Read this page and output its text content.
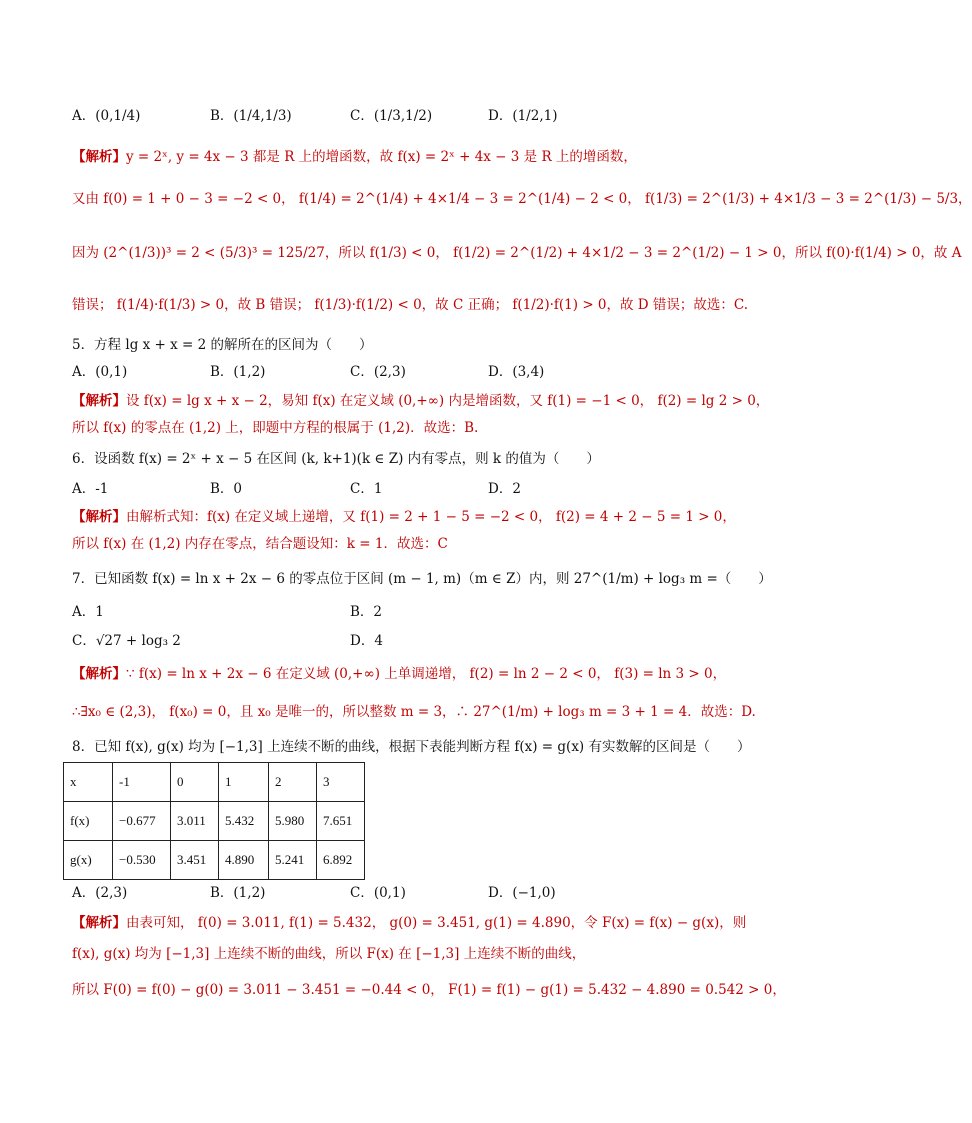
A．(0,1/4)	B．(1/4,1/3)	C．(1/3,1/2)	D．(1/2,1)
【解析】y = 2ˣ, y = 4x − 3 都是 R 上的增函数，故 f(x) = 2ˣ + 4x − 3 是 R 上的增函数，
又由 f(0) = 1 + 0 − 3 = −2 < 0， f(1/4) = 2^(1/4) + 4×1/4 − 3 = 2^(1/4) − 2 < 0， f(1/3) = 2^(1/3) + 4×1/3 − 3 = 2^(1/3) − 5/3，
因为 (2^(1/3))³ = 2 < (5/3)³ = 125/27，所以 f(1/3) < 0， f(1/2) = 2^(1/2) + 4×1/2 − 3 = 2^(1/2) − 1 > 0，所以 f(0)·f(1/4) > 0，故 A
错误； f(1/4)·f(1/3) > 0，故 B 错误； f(1/3)·f(1/2) < 0，故 C 正确； f(1/2)·f(1) > 0，故 D 错误；故选：C.
5．方程 lg x + x = 2 的解所在的区间为（　　）
A．(0,1)	B．(1,2)	C．(2,3)	D．(3,4)
【解析】设 f(x) = lg x + x − 2，易知 f(x) 在定义域 (0,+∞) 内是增函数，又 f(1) = −1 < 0， f(2) = lg 2 > 0，
所以 f(x) 的零点在 (1,2) 上，即题中方程的根属于 (1,2)．故选：B.
6．设函数 f(x) = 2ˣ + x − 5 在区间 (k, k+1)(k ∈ Z) 内有零点，则 k 的值为（　　）
A．-1	B．0	C．1	D．2
【解析】由解析式知：f(x) 在定义域上递增，又 f(1) = 2 + 1 − 5 = −2 < 0， f(2) = 4 + 2 − 5 = 1 > 0，
所以 f(x) 在 (1,2) 内存在零点，结合题设知：k = 1．故选：C
7．已知函数 f(x) = ln x + 2x − 6 的零点位于区间 (m − 1, m)（m ∈ Z）内，则 27^(1/m) + log₃ m =（　　）
A．1	B．2
C．√27 + log₃ 2	D．4
【解析】∵ f(x) = ln x + 2x − 6 在定义域 (0,+∞) 上单调递增， f(2) = ln 2 − 2 < 0， f(3) = ln 3 > 0，
∴∃x₀ ∈ (2,3)， f(x₀) = 0，且 x₀ 是唯一的，所以整数 m = 3，∴ 27^(1/m) + log₃ m = 3 + 1 = 4．故选：D.
8．已知 f(x), g(x) 均为 [−1,3] 上连续不断的曲线，根据下表能判断方程 f(x) = g(x) 有实数解的区间是（　　）
x	-1	0	1	2	3
f(x)	−0.677	3.011	5.432	5.980	7.651
g(x)	−0.530	3.451	4.890	5.241	6.892
A．(2,3)	B．(1,2)	C．(0,1)	D．(−1,0)
【解析】由表可知， f(0) = 3.011, f(1) = 5.432， g(0) = 3.451, g(1) = 4.890，令 F(x) = f(x) − g(x)，则
f(x), g(x) 均为 [−1,3] 上连续不断的曲线，所以 F(x) 在 [−1,3] 上连续不断的曲线，
所以 F(0) = f(0) − g(0) = 3.011 − 3.451 = −0.44 < 0， F(1) = f(1) − g(1) = 5.432 − 4.890 = 0.542 > 0，
